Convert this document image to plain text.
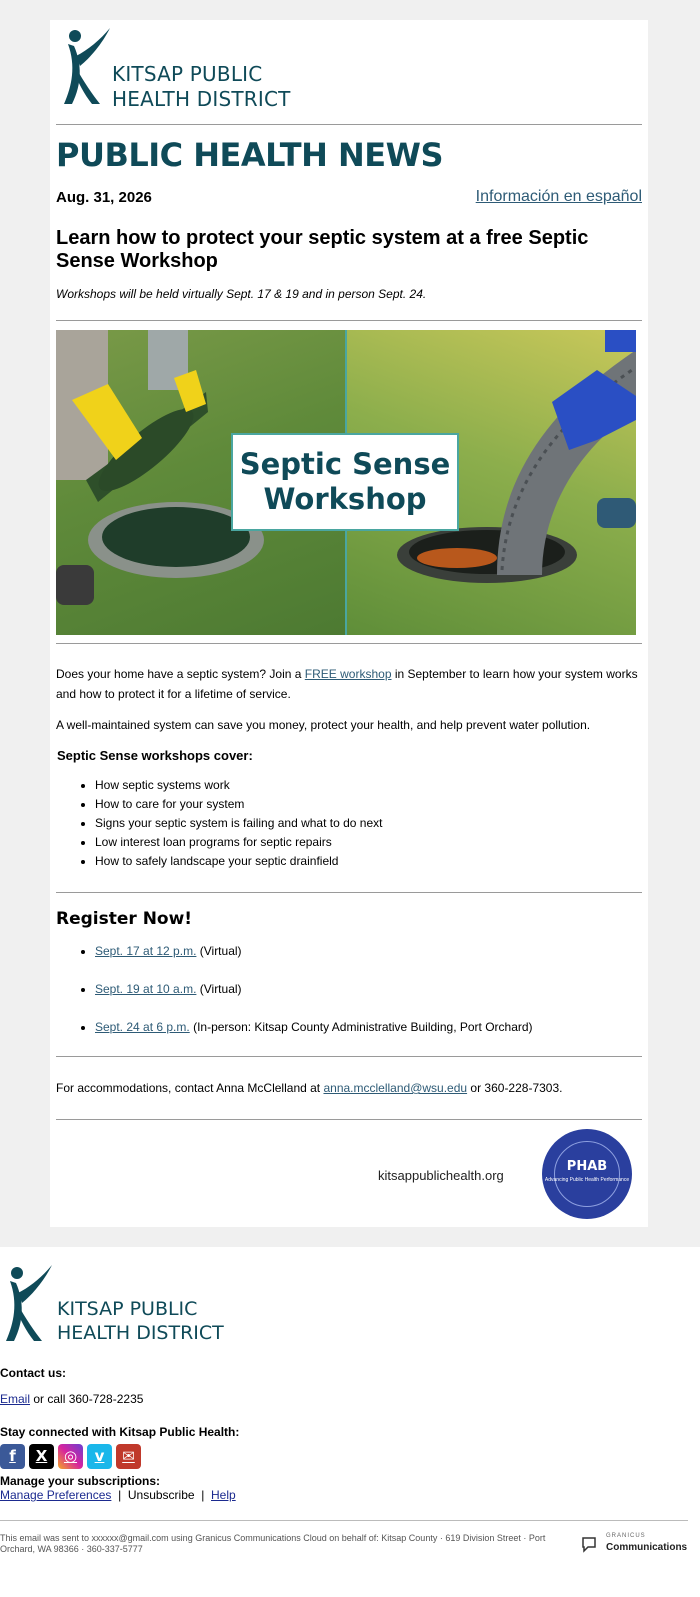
KITSAP PUBLIC
HEALTH DISTRICT
PUBLIC HEALTH NEWS
Aug. 31, 2026	Información en español
Learn how to protect your septic system at a free Septic Sense Workshop
Workshops will be held virtually Sept. 17 & 19 and in person Sept. 24.
Septic Sense
Workshop

Does your home have a septic system? Join a FREE workshop in September to learn how your system works and how to protect it for a lifetime of service.

A well-maintained system can save you money, protect your health, and help prevent water pollution.

Septic Sense workshops cover:

• How septic systems work
• How to care for your system
• Signs your septic system is failing and what to do next
• Low interest loan programs for septic repairs
• How to safely landscape your septic drainfield

Register Now!

• Sept. 17 at 12 p.m. (Virtual)
• Sept. 19 at 10 a.m. (Virtual)
• Sept. 24 at 6 p.m. (In-person: Kitsap County Administrative Building, Port Orchard)

For accommodations, contact Anna McClelland at anna.mcclelland@wsu.edu or 360-228-7303.

kitsappublichealth.org
PHAB
Advancing Public Health Performance
KITSAP PUBLIC
HEALTH DISTRICT
Contact us:
Email or call 360-728-2235
Stay connected with Kitsap Public Health:
f	X	◎	v	✉
Manage your subscriptions:
Manage Preferences  |  Unsubscribe  |  Help
This email was sent to xxxxxx@gmail.com using Granicus Communications Cloud on behalf of: Kitsap County · 619 Division Street · Port Orchard, WA 98366 · 360-337-5777
GRANICUS
Communications
